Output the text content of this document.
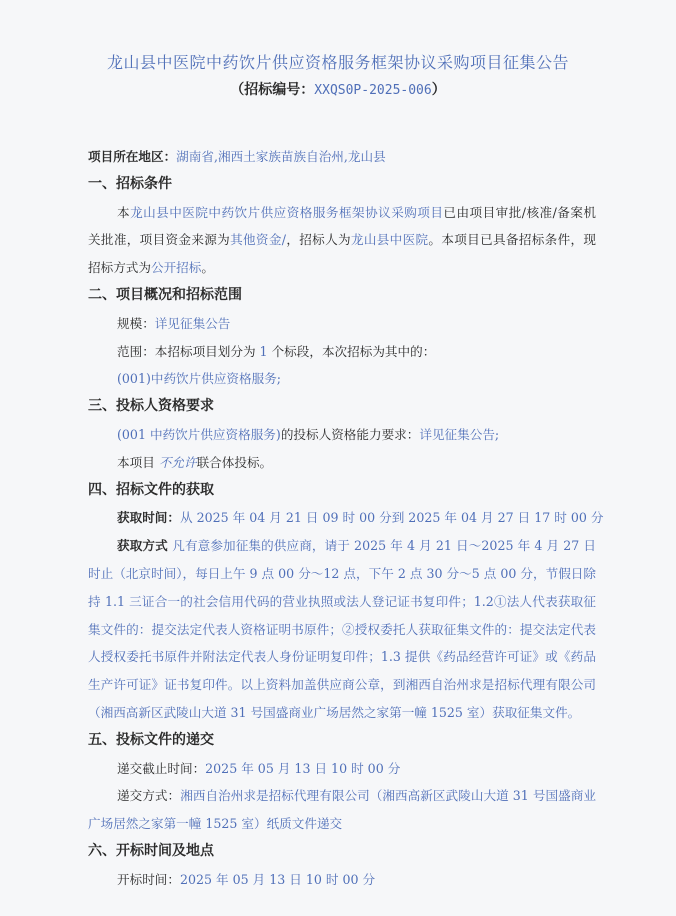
龙山县中医院中药饮片供应资格服务框架协议采购项目征集公告
（招标编号：XXQS0P-2025-006）
项目所在地区：湖南省,湘西土家族苗族自治州,龙山县
一、招标条件
本龙山县中医院中药饮片供应资格服务框架协议采购项目已由项目审批/核准/备案机
关批准，项目资金来源为其他资金/，招标人为龙山县中医院。本项目已具备招标条件，现
招标方式为公开招标。
二、项目概况和招标范围
规模：详见征集公告
范围：本招标项目划分为 1 个标段，本次招标为其中的：
(001)中药饮片供应资格服务;
三、投标人资格要求
(001 中药饮片供应资格服务)的投标人资格能力要求：详见征集公告;
本项目 不允许联合体投标。
四、招标文件的获取
获取时间：从 2025 年 04 月 21 日 09 时 00 分到 2025 年 04 月 27 日 17 时 00 分
获取方式 凡有意参加征集的供应商，请于 2025 年 4 月 21 日～2025 年 4 月 27 日
时止（北京时间），每日上午 9 点 00 分～12 点，下午 2 点 30 分～5 点 00 分，节假日除
持 1.1 三证合一的社会信用代码的营业执照或法人登记证书复印件；1.2①法人代表获取征
集文件的：提交法定代表人资格证明书原件；②授权委托人获取征集文件的：提交法定代表
人授权委托书原件并附法定代表人身份证明复印件；1.3 提供《药品经营许可证》或《药品
生产许可证》证书复印件。以上资料加盖供应商公章，到湘西自治州求是招标代理有限公司
（湘西高新区武陵山大道 31 号国盛商业广场居然之家第一幢 1525 室）获取征集文件。
五、投标文件的递交
递交截止时间：2025 年 05 月 13 日 10 时 00 分
递交方式：湘西自治州求是招标代理有限公司（湘西高新区武陵山大道 31 号国盛商业
广场居然之家第一幢 1525 室）纸质文件递交
六、开标时间及地点
开标时间：2025 年 05 月 13 日 10 时 00 分
